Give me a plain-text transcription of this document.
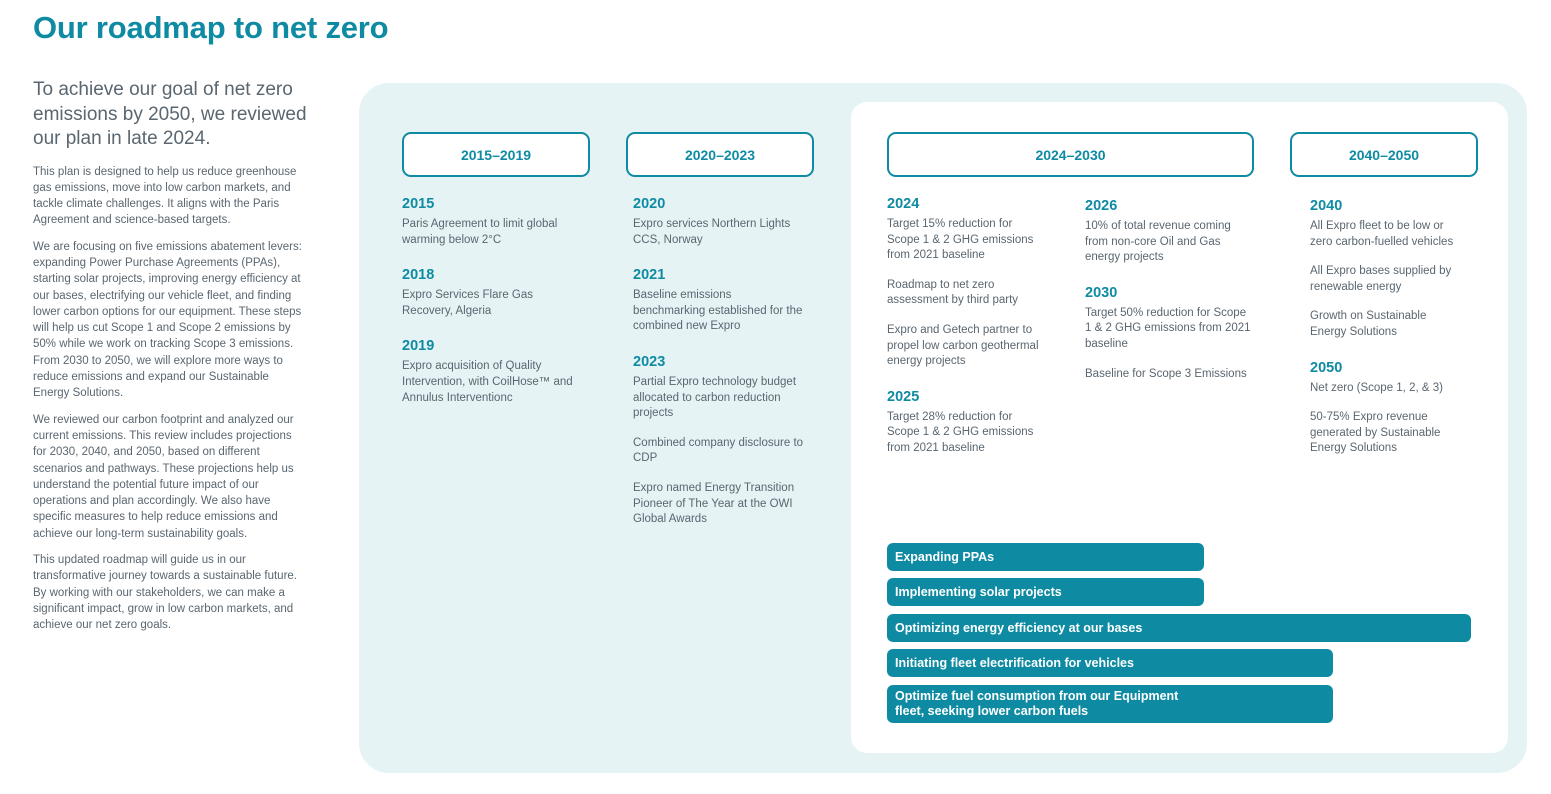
Our roadmap to net zero

To achieve our goal of net zero emissions by 2050, we reviewed our plan in late 2024.

This plan is designed to help us reduce greenhouse gas emissions, move into low carbon markets, and tackle climate challenges. It aligns with the Paris Agreement and science-based targets.

We are focusing on five emissions abatement levers: expanding Power Purchase Agreements (PPAs), starting solar projects, improving energy efficiency at our bases, electrifying our vehicle fleet, and finding lower carbon options for our equipment. These steps will help us cut Scope 1 and Scope 2 emissions by 50% while we work on tracking Scope 3 emissions. From 2030 to 2050, we will explore more ways to reduce emissions and expand our Sustainable Energy Solutions.

We reviewed our carbon footprint and analyzed our current emissions. This review includes projections for 2030, 2040, and 2050, based on different scenarios and pathways. These projections help us understand the potential future impact of our operations and plan accordingly. We also have specific measures to help reduce emissions and achieve our long-term sustainability goals.

This updated roadmap will guide us in our transformative journey towards a sustainable future. By working with our stakeholders, we can make a significant impact, grow in low carbon markets, and achieve our net zero goals.

2015–2019	2020–2023	2024–2030	2040–2050
2015
Paris Agreement to limit global warming below 2°C
2018
Expro Services Flare Gas Recovery, Algeria
2019
Expro acquisition of Quality Intervention, with CoilHose™ and Annulus Interventionc
2020
Expro services Northern Lights CCS, Norway
2021
Baseline emissions benchmarking established for the combined new Expro
2023
Partial Expro technology budget allocated to carbon reduction projects
Combined company disclosure to CDP
Expro named Energy Transition Pioneer of The Year at the OWI Global Awards
2024
Target 15% reduction for Scope 1 & 2 GHG emissions from 2021 baseline
Roadmap to net zero assessment by third party
Expro and Getech partner to propel low carbon geothermal energy projects
2025
Target 28% reduction for Scope 1 & 2 GHG emissions from 2021 baseline
2026
10% of total revenue coming from non-core Oil and Gas energy projects
2030
Target 50% reduction for Scope 1 & 2 GHG emissions from 2021 baseline
Baseline for Scope 3 Emissions
2040
All Expro fleet to be low or zero carbon-fuelled vehicles
All Expro bases supplied by renewable energy
Growth on Sustainable Energy Solutions
2050
Net zero (Scope 1, 2, & 3)
50-75% Expro revenue generated by Sustainable Energy Solutions
Expanding PPAs
Implementing solar projects
Optimizing energy efficiency at our bases
Initiating fleet electrification for vehicles
Optimize fuel consumption from our Equipment fleet, seeking lower carbon fuels
